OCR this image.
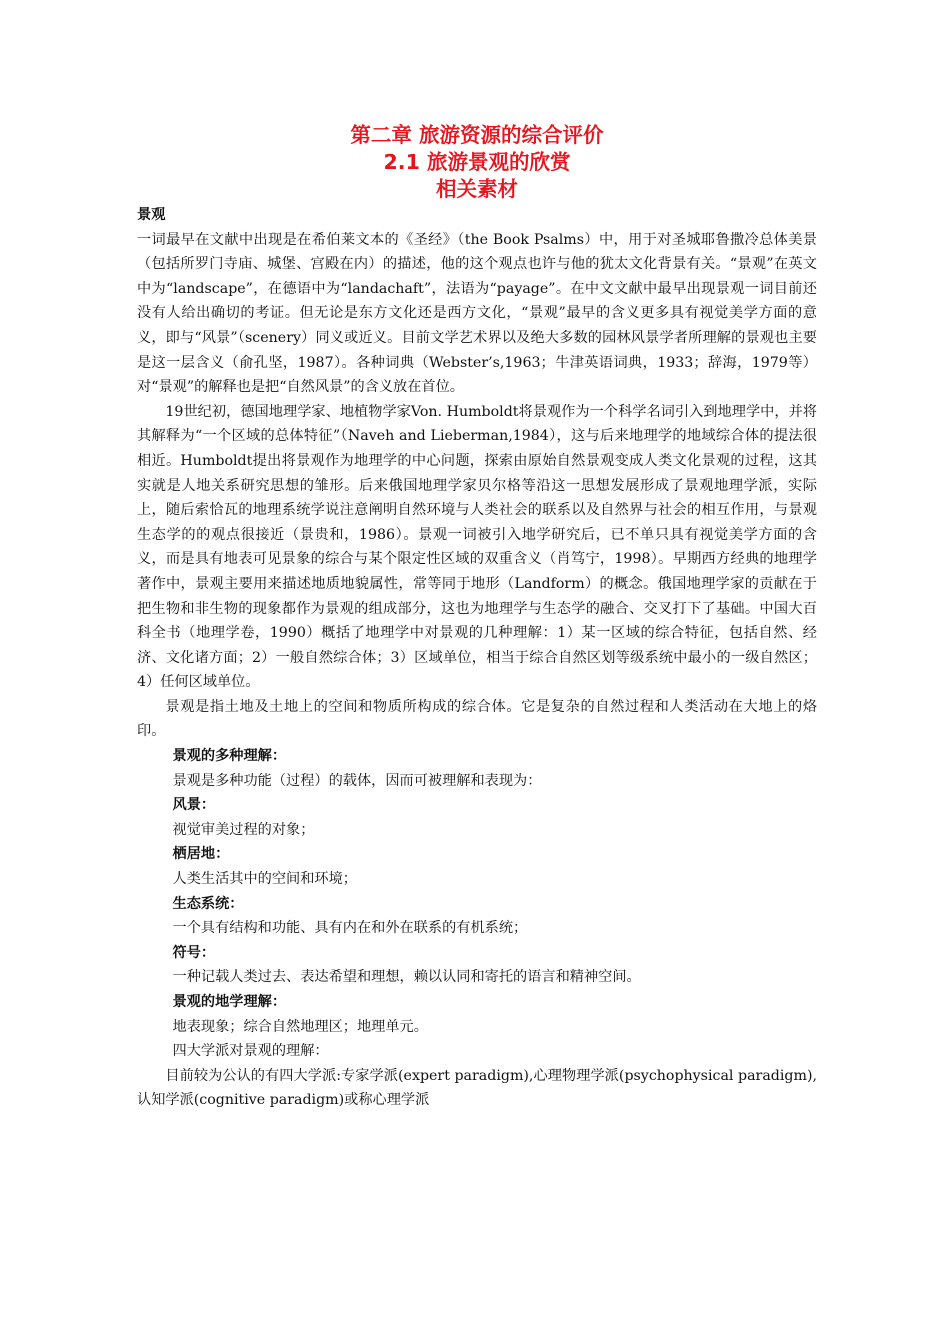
第二章 旅游资源的综合评价
2.1 旅游景观的欣赏
相关素材
景观

一词最早在文献中出现是在希伯莱文本的《圣经》（the Book Psalms）中，用于对圣城耶鲁撒冷总体美景（包括所罗门寺庙、城堡、宫殿在内）的描述，他的这个观点也许与他的犹太文化背景有关。“景观”在英文中为“landscape”，在德语中为“landachaft”，法语为“payage”。在中文文献中最早出现景观一词目前还没有人给出确切的考证。但无论是东方文化还是西方文化，“景观”最早的含义更多具有视觉美学方面的意义，即与“风景”（scenery）同义或近义。目前文学艺术界以及绝大多数的园林风景学者所理解的景观也主要是这一层含义（俞孔坚，1987）。各种词典（Webster’s,1963；牛津英语词典，1933；辞海，1979等）对“景观”的解释也是把“自然风景”的含义放在首位。

19世纪初，德国地理学家、地植物学家Von. Humboldt将景观作为一个科学名词引入到地理学中，并将其解释为“一个区域的总体特征”（Naveh and Lieberman,1984），这与后来地理学的地域综合体的提法很相近。Humboldt提出将景观作为地理学的中心问题，探索由原始自然景观变成人类文化景观的过程，这其实就是人地关系研究思想的雏形。后来俄国地理学家贝尔格等沿这一思想发展形成了景观地理学派，实际上，随后索恰瓦的地理系统学说注意阐明自然环境与人类社会的联系以及自然界与社会的相互作用，与景观生态学的的观点很接近（景贵和，1986）。景观一词被引入地学研究后，已不单只具有视觉美学方面的含义，而是具有地表可见景象的综合与某个限定性区域的双重含义（肖笃宁，1998）。早期西方经典的地理学著作中，景观主要用来描述地质地貌属性，常等同于地形（Landform）的概念。俄国地理学家的贡献在于把生物和非生物的现象都作为景观的组成部分，这也为地理学与生态学的融合、交叉打下了基础。中国大百科全书（地理学卷，1990）概括了地理学中对景观的几种理解：1）某一区域的综合特征，包括自然、经济、文化诸方面；2）一般自然综合体；3）区域单位，相当于综合自然区划等级系统中最小的一级自然区；4）任何区域单位。

景观是指土地及土地上的空间和物质所构成的综合体。它是复杂的自然过程和人类活动在大地上的烙印。

景观的多种理解：

景观是多种功能（过程）的载体，因而可被理解和表现为：

风景：

视觉审美过程的对象；

栖居地：

人类生活其中的空间和环境；

生态系统：

一个具有结构和功能、具有内在和外在联系的有机系统；

符号：

一种记载人类过去、表达希望和理想，赖以认同和寄托的语言和精神空间。

景观的地学理解：

地表现象；综合自然地理区；地理单元。

四大学派对景观的理解：

目前较为公认的有四大学派:专家学派(expert paradigm),心理物理学派(psychophysical paradigm),认知学派(cognitive paradigm)或称心理学派
